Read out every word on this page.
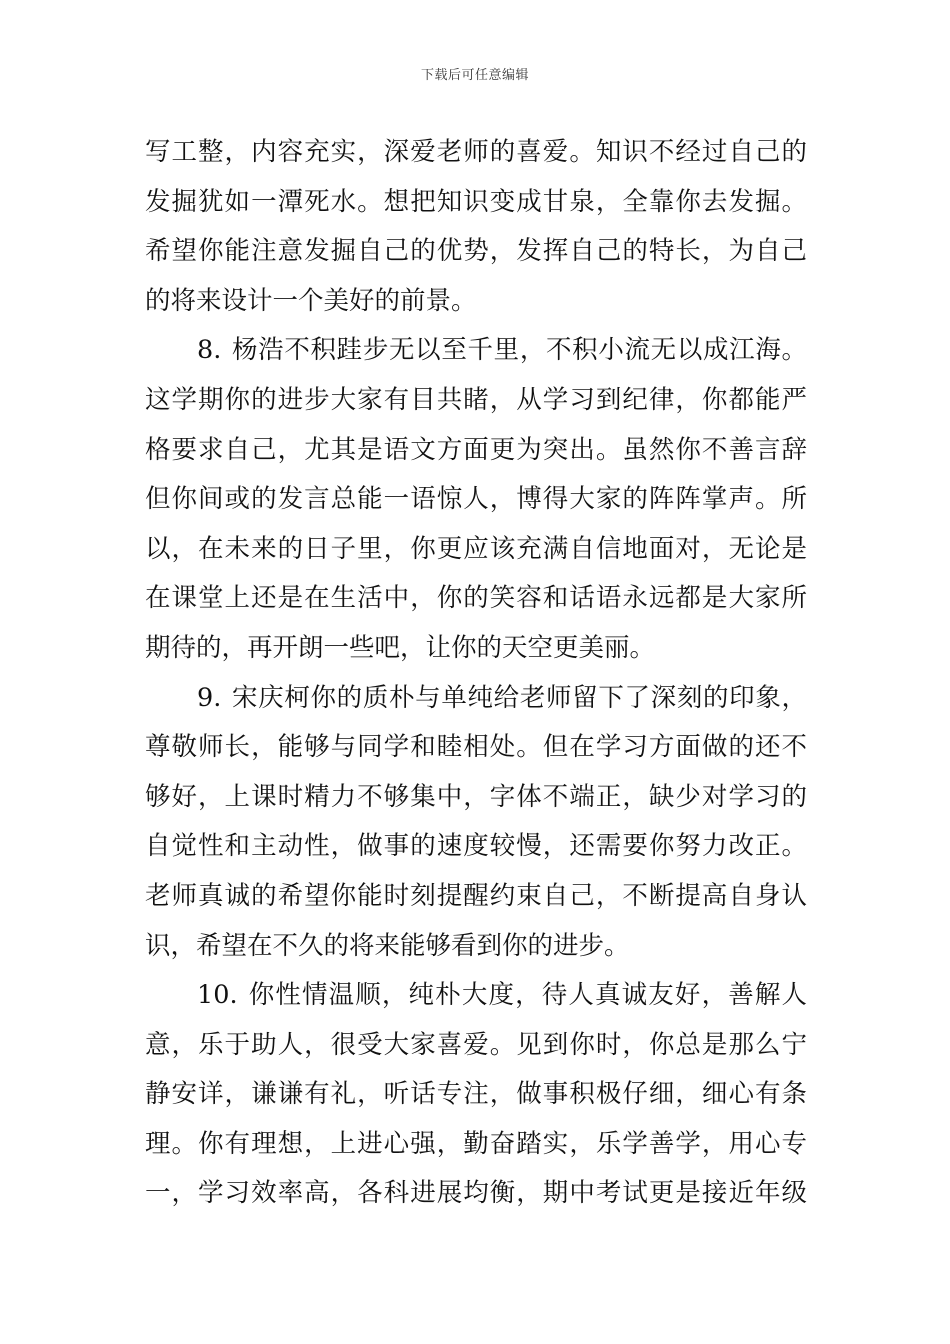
下载后可任意编辑
写工整，内容充实，深爱老师的喜爱。知识不经过自己的
发掘犹如一潭死水。想把知识变成甘泉，全靠你去发掘。
希望你能注意发掘自己的优势，发挥自己的特长，为自己
的将来设计一个美好的前景。
8. 杨浩不积跬步无以至千里，不积小流无以成江海。
这学期你的进步大家有目共睹，从学习到纪律，你都能严
格要求自己，尤其是语文方面更为突出。虽然你不善言辞
但你间或的发言总能一语惊人，博得大家的阵阵掌声。所
以，在未来的日子里，你更应该充满自信地面对，无论是
在课堂上还是在生活中，你的笑容和话语永远都是大家所
期待的，再开朗一些吧，让你的天空更美丽。
9. 宋庆柯你的质朴与单纯给老师留下了深刻的印象，
尊敬师长，能够与同学和睦相处。但在学习方面做的还不
够好，上课时精力不够集中，字体不端正，缺少对学习的
自觉性和主动性，做事的速度较慢，还需要你努力改正。
老师真诚的希望你能时刻提醒约束自己，不断提高自身认
识，希望在不久的将来能够看到你的进步。
10. 你性情温顺，纯朴大度，待人真诚友好，善解人
意，乐于助人，很受大家喜爱。见到你时，你总是那么宁
静安详，谦谦有礼，听话专注，做事积极仔细，细心有条
理。你有理想，上进心强，勤奋踏实，乐学善学，用心专
一，学习效率高，各科进展均衡，期中考试更是接近年级
